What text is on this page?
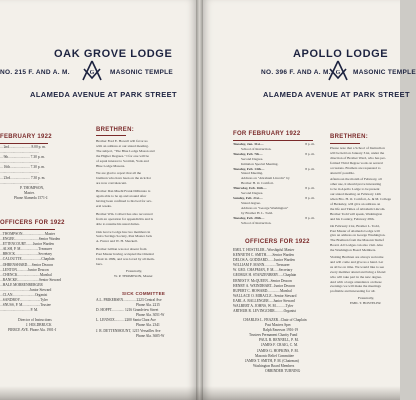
OAK GROVE LODGE
NO. 215 F. AND A. M.	G MASONIC TEMPLE
ALAMEDA AVENUE AT PARK STREET
FEBRUARY 1922
... 2nd........................ 8.00 p. m.
...........................................
... 9th........................ 7.30 p. m.
...........................................
... 16th...................... 7.30 p. m.
...........................................
... 23rd...................... 7.30 p. m.
...........................................
P. THOMPSON,
Master.
Phone Alameda 1571-J.
OFFICERS FOR 1922
...THOMPSON.........................Master
...ENGEE...........................Senior Warden
...ETTENCOURT........Junior Warden
...ALSH, P. M....................Treasurer
...BROCK..........................Secretary
...CALOUTTE......................Chaplain
...OHRENSHARD.....Senior Deacon
...LENTON............Junior Deacon
...CHENCK.........................Marshal
...RANCKE........................Senior Steward
...HALE MORRENBERGER
.................................Junior Steward
...CLAN.........................Organist
...SANDBOY.......................Tyler
...SNUSS, P. M....................Trustee
................................. P. M.
Director of Instructions
J. HOLDBRUCK
PIERCE AVE. Phone Ala. 1901-J
BRETHREN:
Brother Fred E. Howell will favor us
with an address at our stated meeting.
The subject, "The Blue Lodge Mason and
the Higher Degrees." I for one will be
of equal interest to Scottish, York and
Blue Lodge Masons.
We are glad to report that all the
brethren who have been on the sick list
are now convalescent.
Brother Dan Muehl Frank DiDonato is
again able to be up and around after
having been confined to his bed for sev-
eral weeks.
Brother Wm. Colbert has also recovered
from an operation for appendicitis and is
able to resume his usual duties.
Oak Grove Lodge has two members in
Sutro Savings Society, Past Master Jack
A. Furrer and W. H. Shackell.
Brother Gillian was not absent from
Past Master having occupied the Oriental
Chair in 1899, and was loved by all mem-
bers.
Fraternally,
W. P. THOMPSON, Master
SICK COMMITTEE
A.L. PRIKERSEN.............. 2223 Central Ave
Phone Ala. 2215
D. HOPPT.............. 1216 Grandview Street
Phone Ala. 3051-W
L. LENNOX.......... 2200 Santa Clara Ave
Phone Ala. 2341
J. R. DETTENMOUNT, 1215 Versailles Ave
Phone Ala. 3605-W
APOLLO LODGE
NO. 396 F. AND A. M. G MASONIC TEMPLE
ALAMEDA AVENUE AT PARK STREET
FOR FEBRUARY 1922
Tuesday, Jan. 31st—	8 p. m.
School of Instruction.
Tuesday, Feb. 7th—	8 p. m.
Second Degree.
Initiation Special Meeting.
Tuesday, Feb. 14th—	8 p. m.
Stated Meeting.
Address on "Abraham Lincoln" by
Brother H. O. Comfort.
Thursday, Feb. 16th—	8 p. m.
Second Degree.
Sunday, Feb. 21st—	8 p. m.
Stated degree.
Address on "George Washington"
by Brother H. L. Todd.
Tuesday, Feb. 28th—	8 p. m.
School of Instruction.
OFFICERS FOR 1922
EMIL T. HOSTELER...Worshipful Master
KENNETH C. SMITH.......Senior Warden
DELOS A. GODDARD.......Junior Warden
WILLIAM F. MANN.............Treasurer
W. GEO. CHAPMAN, P. M......Secretary
GEORGE H. STANZENBERY......Chaplain
ERNEST F. McQUEEN...Senior Deacon
HENRY A. WEINDHART...Junior Deacon
RUPERT C. HOWARD..............Marshal
WALLACE O. MIRACLE...Senior Steward
EARL A. BALLENGER.....Junior Steward
WALBERT A. JOHNS, W. M...........Tyler
ARTHUR R. LEVINGCHIR..........Organist
CHARLES L. FRAZER...Chair of Chaplain
Past Masters Spec
Ralph Emerson 1916-19
Trustees Permanent Charity Fund
PAUL R. RENNELL, P. M.
JAMES F. CRAIG, C. M.
JAMES G. HOPKINS, P. M.
Masonic Relief Committee
JAMES T. SMITH, P. M. (Chairman)
Washington Board Members
ORRINDER TURNING
BRETHREN:
Please note that a School of Instruction
will be held on January 31st, under the
direction of Brother Ward, who has per-
formed Third Degree work on several
occasions. Brothers are requested to
attend if possible.
Afternoon the month of February, all
other use, it should prove interesting
to be in Apollo Lodge to be present
our stated meeting on February 14th
when Bro. H. O. Comfort, A. & M. College
of Berkeley, will give an address on
the life and Times of Abraham Lincoln.
Brother Todd will speak, Washington
and his Country, February 28th.
On February 21st, Brother L. Todd,
Past Master of Alameda Lodge will
give an address on George Washington.
The Brethren from the Masonic Relief
Board. All Lodges can also visit. Also
the Washington Board Members.
Visiting Brethren are always welcome
and will come and give us a hand. Let
us all be on time. We would like to see
every member attend and bring a friend
who will take part in the new degree.
And with a large attendance on these
evenings we will make the meetings
profitable and interesting for all.
Fraternally,
EMIL T. HOSTELER
